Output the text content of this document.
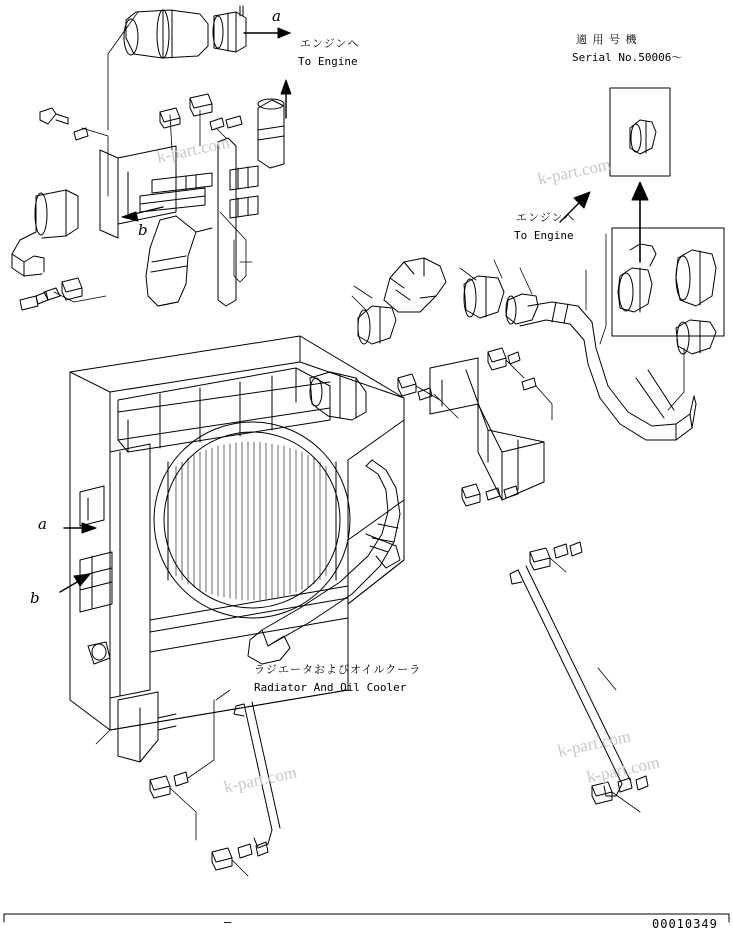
エンジンヘ
To Engine
適 用 号 機
Serial No.50006〜
エンジンヘ
To Engine
ラジエータおよびオイルクーラ
Radiator And Oil Cooler
a
b
a
b
—	00010349
k-part.com
k-part.com
k-part.com
k-part.com
k-part.com
